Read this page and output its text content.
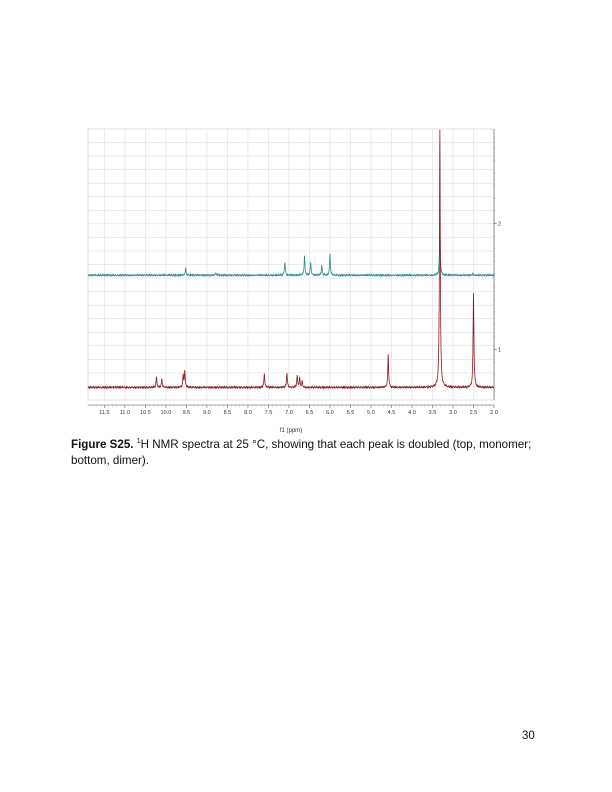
11.5 11.0 10.5 10.0 9.5 9.0 8.5 8.0 7.5 7.0 6.5 6.0 5.5 5.0 4.5 4.0 3.5 3.0 2.5 2.0
1
2
f1 (ppm)
Figure S25. $^1$H NMR spectra at 25 °C, showing that each peak is doubled (top, monomer; bottom, dimer).
30
